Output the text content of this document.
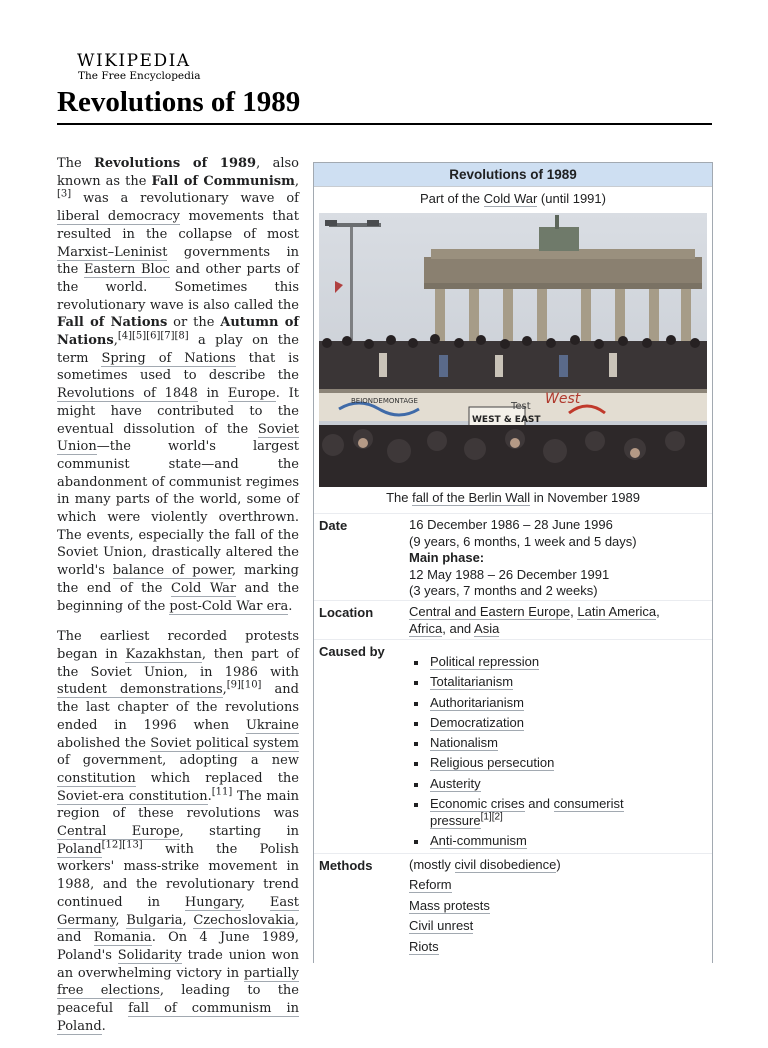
WIKIPEDIA
The Free Encyclopedia
Revolutions of 1989

The Revolutions of 1989, also known as the Fall of Communism,[3] was a revolutionary wave of liberal democracy movements that resulted in the collapse of most Marxist–Leninist governments in the Eastern Bloc and other parts of the world. Sometimes this revolutionary wave is also called the Fall of Nations or the Autumn of Nations,[4][5][6][7][8] a play on the term Spring of Nations that is sometimes used to describe the Revolutions of 1848 in Europe. It might have contributed to the eventual dissolution of the Soviet Union—the world's largest communist state—and the abandonment of communist regimes in many parts of the world, some of which were violently overthrown. The events, especially the fall of the Soviet Union, drastically altered the world's balance of power, marking the end of the Cold War and the beginning of the post-Cold War era.

The earliest recorded protests began in Kazakhstan, then part of the Soviet Union, in 1986 with student demonstrations,[9][10] and the last chapter of the revolutions ended in 1996 when Ukraine abolished the Soviet political system of government, adopting a new constitution which replaced the Soviet-era constitution.[11] The main region of these revolutions was Central Europe, starting in Poland[12][13] with the Polish workers' mass-strike movement in 1988, and the revolutionary trend continued in Hungary, East Germany, Bulgaria, Czechoslovakia, and Romania. On 4 June 1989, Poland's Solidarity trade union won an overwhelming victory in partially free elections, leading to the peaceful fall of communism in Poland.

Revolutions of 1989
Part of the Cold War (until 1991)
BEIONDEMONTAGE	West
Test
WEST & EAST
The fall of the Berlin Wall in November 1989
Date	16 December 1986 – 28 June 1996
(9 years, 6 months, 1 week and 5 days)
Main phase:
12 May 1988 – 26 December 1991
(3 years, 7 months and 2 weeks)
Location	Central and Eastern Europe, Latin America,
Africa, and Asia
Caused by
Political repression
Totalitarianism
Authoritarianism
Democratization
Nationalism
Religious persecution
Austerity
Economic crises and consumerist
pressure[1][2]
Anti-communism
Methods	(mostly civil disobedience)
Reform
Mass protests
Civil unrest
Riots
